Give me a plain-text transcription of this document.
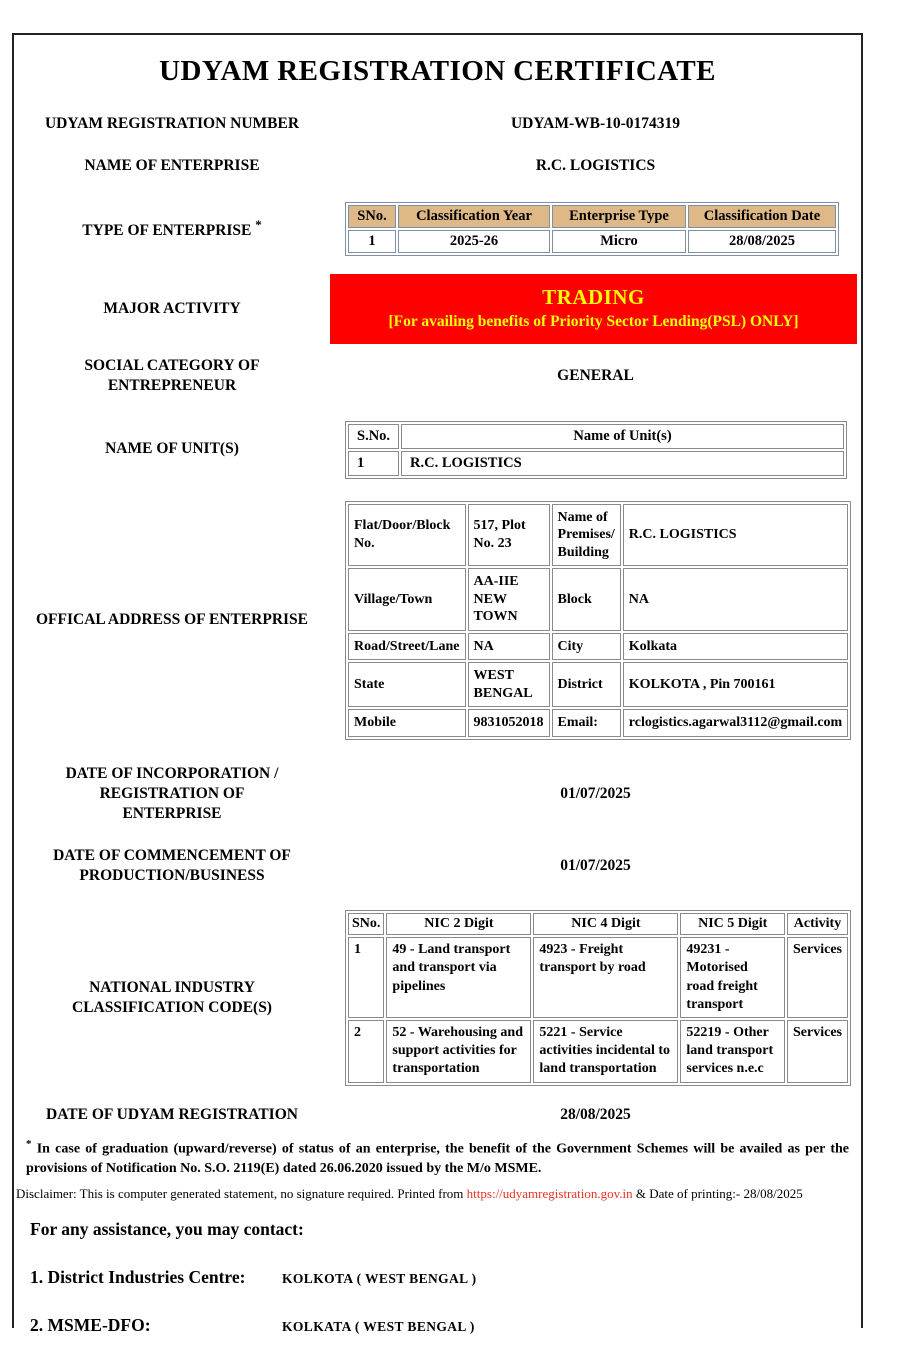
UDYAM REGISTRATION CERTIFICATE
UDYAM REGISTRATION NUMBER	UDYAM-WB-10-0174319
NAME OF ENTERPRISE	R.C. LOGISTICS
TYPE OF ENTERPRISE *
SNo.	Classification Year	Enterprise Type	Classification Date
1	2025-26	Micro	28/08/2025
MAJOR ACTIVITY	TRADING
[For availing benefits of Priority Sector Lending(PSL) ONLY]
SOCIAL CATEGORY OF ENTREPRENEUR
GENERAL
NAME OF UNIT(S)
S.No.	Name of Unit(s)
1	R.C. LOGISTICS
OFFICAL ADDRESS OF ENTERPRISE
Flat/Door/Block No.	517, Plot No. 23	Name of Premises/ Building	R.C. LOGISTICS
Village/Town	AA-IIE NEW TOWN	Block	NA
Road/Street/Lane	NA	City	Kolkata
State	WEST BENGAL	District	KOLKOTA , Pin 700161
Mobile	9831052018	Email:	rclogistics.agarwal3112@gmail.com
DATE OF INCORPORATION / REGISTRATION OF ENTERPRISE
01/07/2025
DATE OF COMMENCEMENT OF PRODUCTION/BUSINESS
01/07/2025
NATIONAL INDUSTRY CLASSIFICATION CODE(S)
SNo.	NIC 2 Digit	NIC 4 Digit	NIC 5 Digit	Activity
1	49 - Land transport and transport via pipelines	4923 - Freight transport by road	49231 - Motorised road freight transport	Services
2	52 - Warehousing and support activities for transportation	5221 - Service activities incidental to land transportation	52219 - Other land transport services n.e.c	Services
DATE OF UDYAM REGISTRATION	28/08/2025
* In case of graduation (upward/reverse) of status of an enterprise, the benefit of the Government Schemes will be availed as per the provisions of Notification No. S.O. 2119(E) dated 26.06.2020 issued by the M/o MSME.
Disclaimer: This is computer generated statement, no signature required. Printed from https://udyamregistration.gov.in & Date of printing:- 28/08/2025
For any assistance, you may contact:
1. District Industries Centre:	KOLKOTA ( WEST BENGAL )
2. MSME-DFO:	KOLKATA ( WEST BENGAL )
